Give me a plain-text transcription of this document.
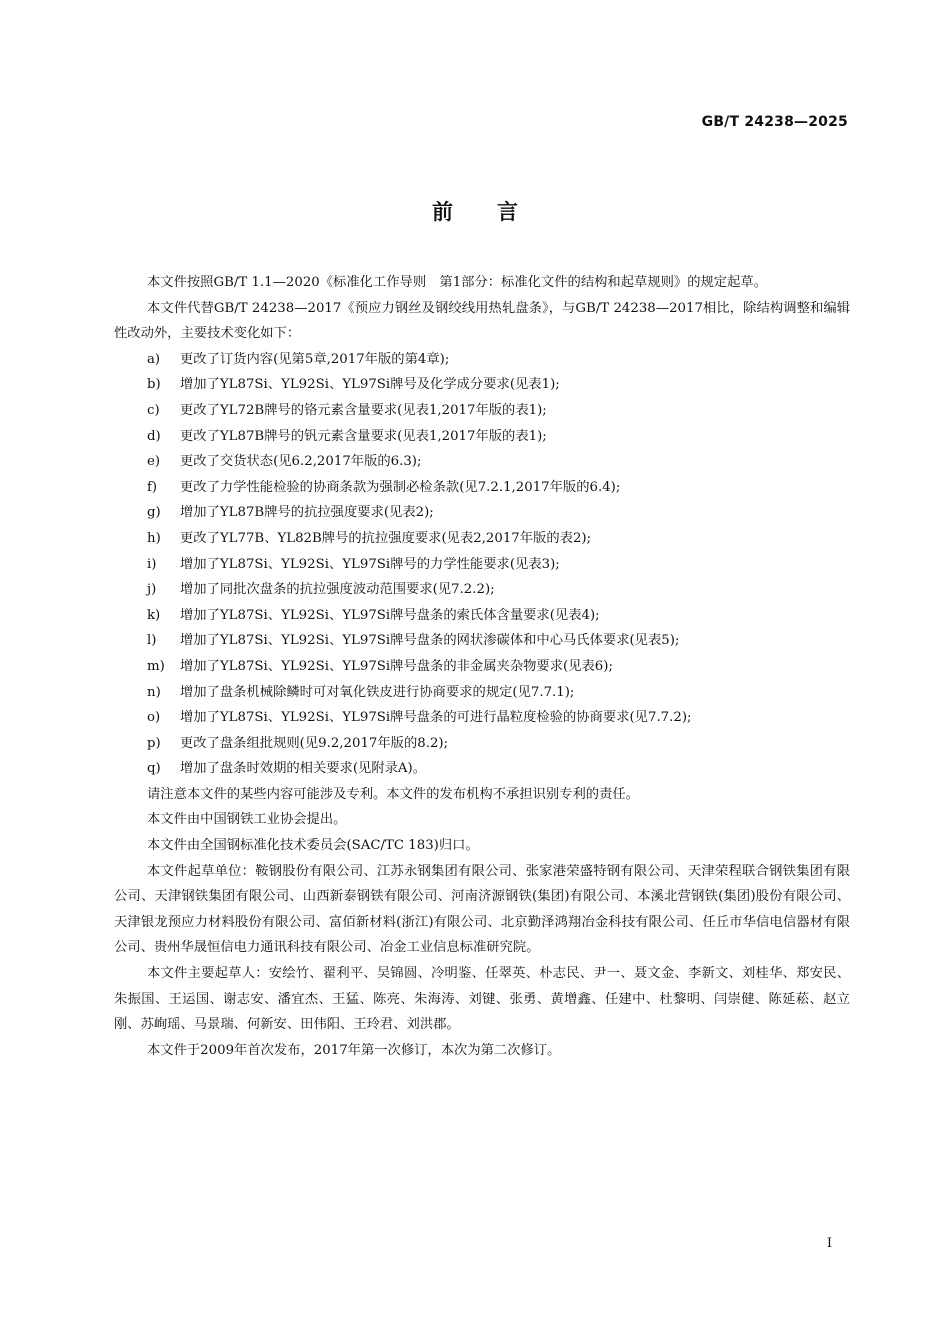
GB/T 24238—2025
前言

本文件按照GB/T 1.1—2020《标准化工作导则　第1部分：标准化文件的结构和起草规则》的规定起草。

本文件代替GB/T 24238—2017《预应力钢丝及钢绞线用热轧盘条》，与GB/T 24238—2017相比，除结构调整和编辑性改动外，主要技术变化如下：

a)	更改了订货内容(见第5章,2017年版的第4章);
b)	增加了YL87Si、YL92Si、YL97Si牌号及化学成分要求(见表1);
c)	更改了YL72B牌号的铬元素含量要求(见表1,2017年版的表1);
d)	更改了YL87B牌号的钒元素含量要求(见表1,2017年版的表1);
e)	更改了交货状态(见6.2,2017年版的6.3);
f)	更改了力学性能检验的协商条款为强制必检条款(见7.2.1,2017年版的6.4);
g)	增加了YL87B牌号的抗拉强度要求(见表2);
h)	更改了YL77B、YL82B牌号的抗拉强度要求(见表2,2017年版的表2);
i)	增加了YL87Si、YL92Si、YL97Si牌号的力学性能要求(见表3);
j)	增加了同批次盘条的抗拉强度波动范围要求(见7.2.2);
k)	增加了YL87Si、YL92Si、YL97Si牌号盘条的索氏体含量要求(见表4);
l)	增加了YL87Si、YL92Si、YL97Si牌号盘条的网状渗碳体和中心马氏体要求(见表5);
m)	增加了YL87Si、YL92Si、YL97Si牌号盘条的非金属夹杂物要求(见表6);
n)	增加了盘条机械除鳞时可对氧化铁皮进行协商要求的规定(见7.7.1);
o)	增加了YL87Si、YL92Si、YL97Si牌号盘条的可进行晶粒度检验的协商要求(见7.7.2);
p)	更改了盘条组批规则(见9.2,2017年版的8.2);
q)	增加了盘条时效期的相关要求(见附录A)。

请注意本文件的某些内容可能涉及专利。本文件的发布机构不承担识别专利的责任。

本文件由中国钢铁工业协会提出。

本文件由全国钢标准化技术委员会(SAC/TC 183)归口。

本文件起草单位：鞍钢股份有限公司、江苏永钢集团有限公司、张家港荣盛特钢有限公司、天津荣程联合钢铁集团有限公司、天津钢铁集团有限公司、山西新泰钢铁有限公司、河南济源钢铁(集团)有限公司、本溪北营钢铁(集团)股份有限公司、天津银龙预应力材料股份有限公司、富佰新材料(浙江)有限公司、北京勤泽鸿翔冶金科技有限公司、任丘市华信电信器材有限公司、贵州华晟恒信电力通讯科技有限公司、冶金工业信息标准研究院。

本文件主要起草人：安绘竹、翟利平、吴锦圆、冷明鉴、任翠英、朴志民、尹一、聂文金、李新文、刘桂华、郑安民、朱振国、王运国、谢志安、潘宜杰、王猛、陈亮、朱海涛、刘键、张勇、黄增鑫、任建中、杜黎明、闫崇健、陈延菘、赵立刚、苏峋瑶、马景瑞、何新安、田伟阳、王玲君、刘洪郡。

本文件于2009年首次发布，2017年第一次修订，本次为第二次修订。

I
